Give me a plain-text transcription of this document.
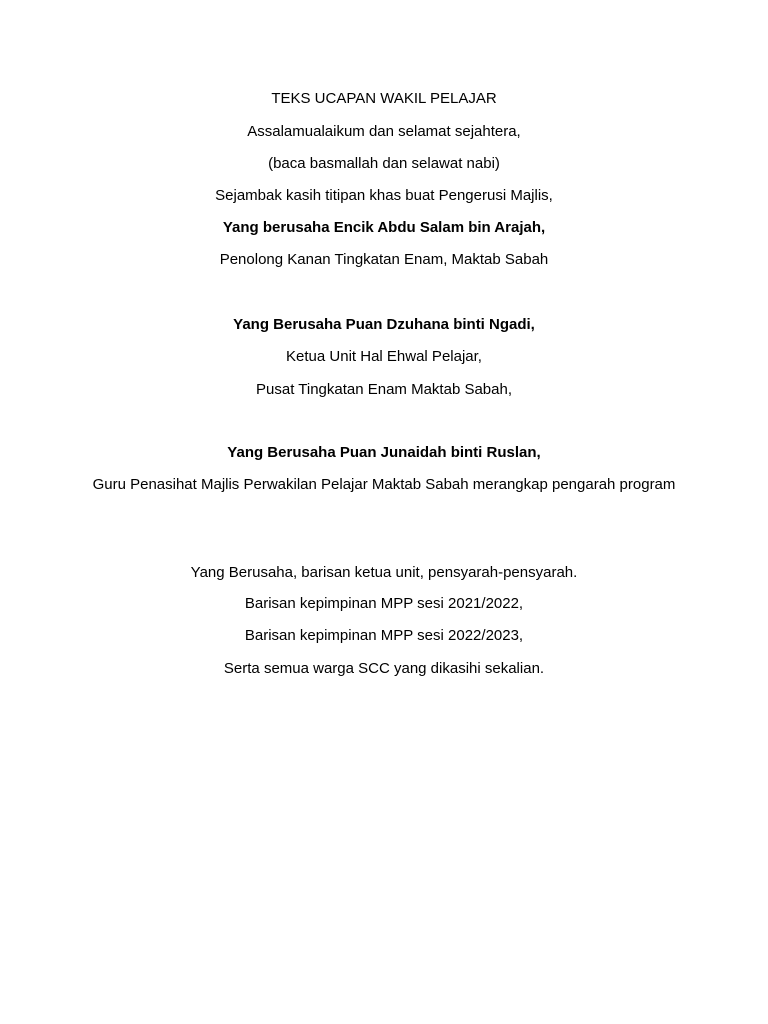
TEKS UCAPAN WAKIL PELAJAR
Assalamualaikum dan selamat sejahtera,
(baca basmallah dan selawat nabi)
Sejambak kasih titipan khas buat Pengerusi Majlis,
Yang berusaha Encik Abdu Salam bin Arajah,
Penolong Kanan Tingkatan Enam, Maktab Sabah
Yang Berusaha Puan Dzuhana binti Ngadi,
Ketua Unit Hal Ehwal Pelajar,
Pusat Tingkatan Enam Maktab Sabah,
Yang Berusaha Puan Junaidah binti Ruslan,
Guru Penasihat Majlis Perwakilan Pelajar Maktab Sabah merangkap pengarah program
Yang Berusaha, barisan ketua unit, pensyarah-pensyarah.
Barisan kepimpinan MPP sesi 2021/2022,
Barisan kepimpinan MPP sesi 2022/2023,
Serta semua warga SCC yang dikasihi sekalian.
